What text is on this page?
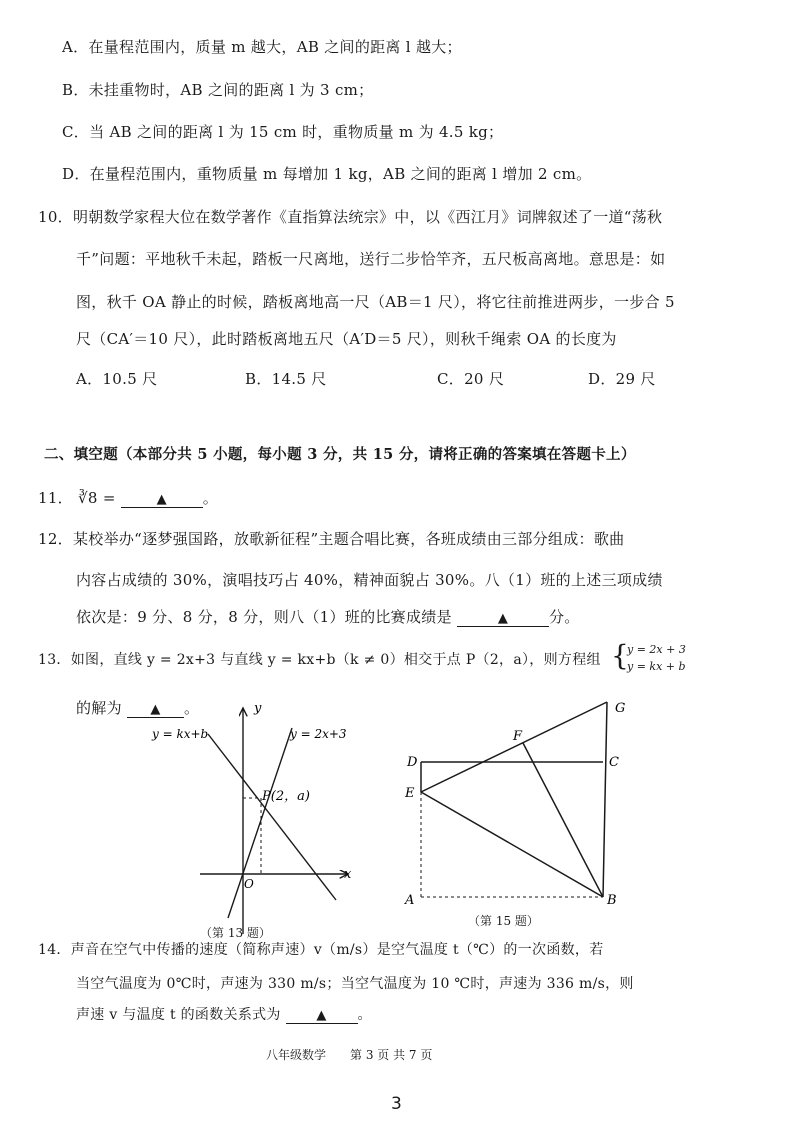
A．在量程范围内，质量 m 越大，AB 之间的距离 l 越大；
B．未挂重物时，AB 之间的距离 l 为 3 cm；
C．当 AB 之间的距离 l 为 15 cm 时，重物质量 m 为 4.5 kg；
D．在量程范围内，重物质量 m 每增加 1 kg，AB 之间的距离 l 增加 2 cm。
10．明朝数学家程大位在数学著作《直指算法统宗》中，以《西江月》词牌叙述了一道“荡秋
千”问题：平地秋千未起，踏板一尺离地，送行二步恰竿齐，五尺板高离地。意思是：如
图，秋千 OA 静止的时候，踏板离地高一尺（AB＝1 尺），将它往前推进两步，一步合 5
尺（CA′＝10 尺），此时踏板离地五尺（A′D＝5 尺），则秋千绳索 OA 的长度为
A．10.5 尺	B．14.5 尺	C．20 尺	D．29 尺
二、填空题（本部分共 5 小题，每小题 3 分，共 15 分，请将正确的答案填在答题卡上）
11． ∛8 =	▲ 。
12．某校举办“逐梦强国路，放歌新征程”主题合唱比赛，各班成绩由三部分组成：歌曲
内容占成绩的 30%，演唱技巧占 40%，精神面貌占 30%。八（1）班的上述三项成绩
依次是：9 分、8 分，8 分，则八（1）班的比赛成绩是	▲	分。
13．如图，直线 y = 2x+3 与直线 y = kx+b（k ≠ 0）相交于点 P（2，a），则方程组 {
y = 2x + 3
y = kx + b
的解为 ▲ 。	y
x
O
y = kx+b	y = 2x+3
P(2，a)
（第 13 题）
G
F
D	C
E
A	B
（第 15 题）
14．声音在空气中传播的速度（简称声速）v（m/s）是空气温度 t（℃）的一次函数，若
当空气温度为 0℃时，声速为 330 m/s；当空气温度为 10 ℃时，声速为 336 m/s，则
声速 v 与温度 t 的函数关系式为	▲ 。
八年级数学　　第 3 页 共 7 页
3
